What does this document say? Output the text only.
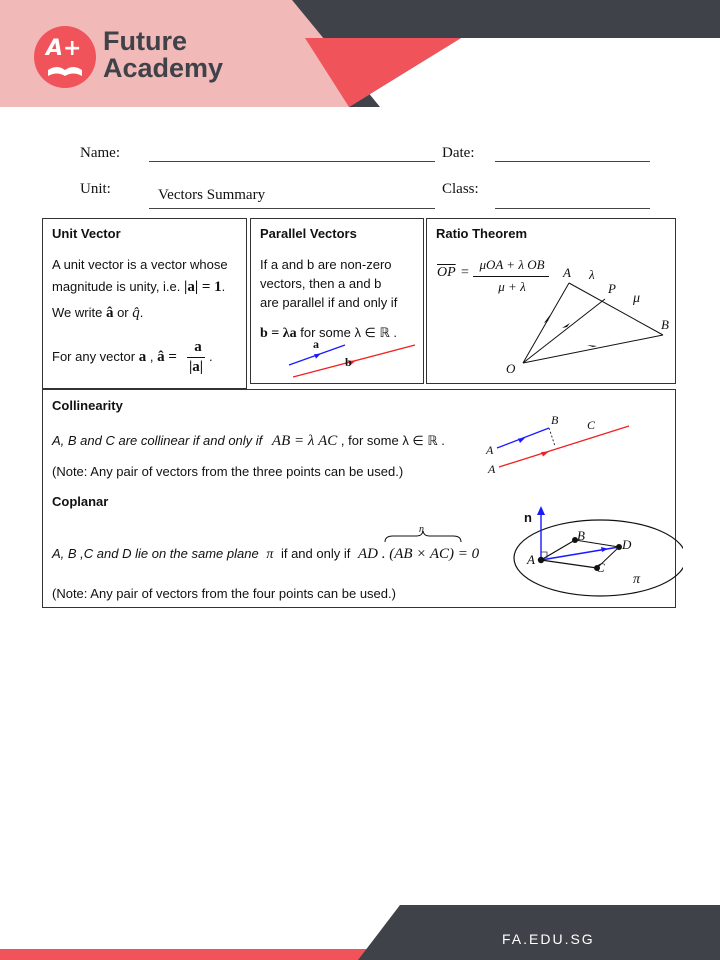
A+ Future
Academy
Name:	Date:
Unit:	Vectors Summary	Class:
Unit Vector
A unit vector is a vector whose
magnitude is unity, i.e. |a| = 1.
We write â or q̂.
For any vector a , â =
a
|a|
.
Parallel Vectors
If a and b are non-zero
vectors, then a and b
are parallel if and only if
b = λa for some λ ∈ ℝ .
a
b
Ratio Theorem
$\overline{OP}$ =
μOA + λ OB
μ + λ
A λ
P
μ
B
O
Collinearity
A, B and C are collinear if and only if AB = λ AC , for some λ ∈ ℝ .
(Note: Any pair of vectors from the three points can be used.)
A
A
B C
Coplanar
A, B ,C and D lie on the same plane π if and only if AD . (AB × AC) = 0
n
(Note: Any pair of vectors from the four points can be used.)
n
A
B
C
D
π
FA.EDU.SG
